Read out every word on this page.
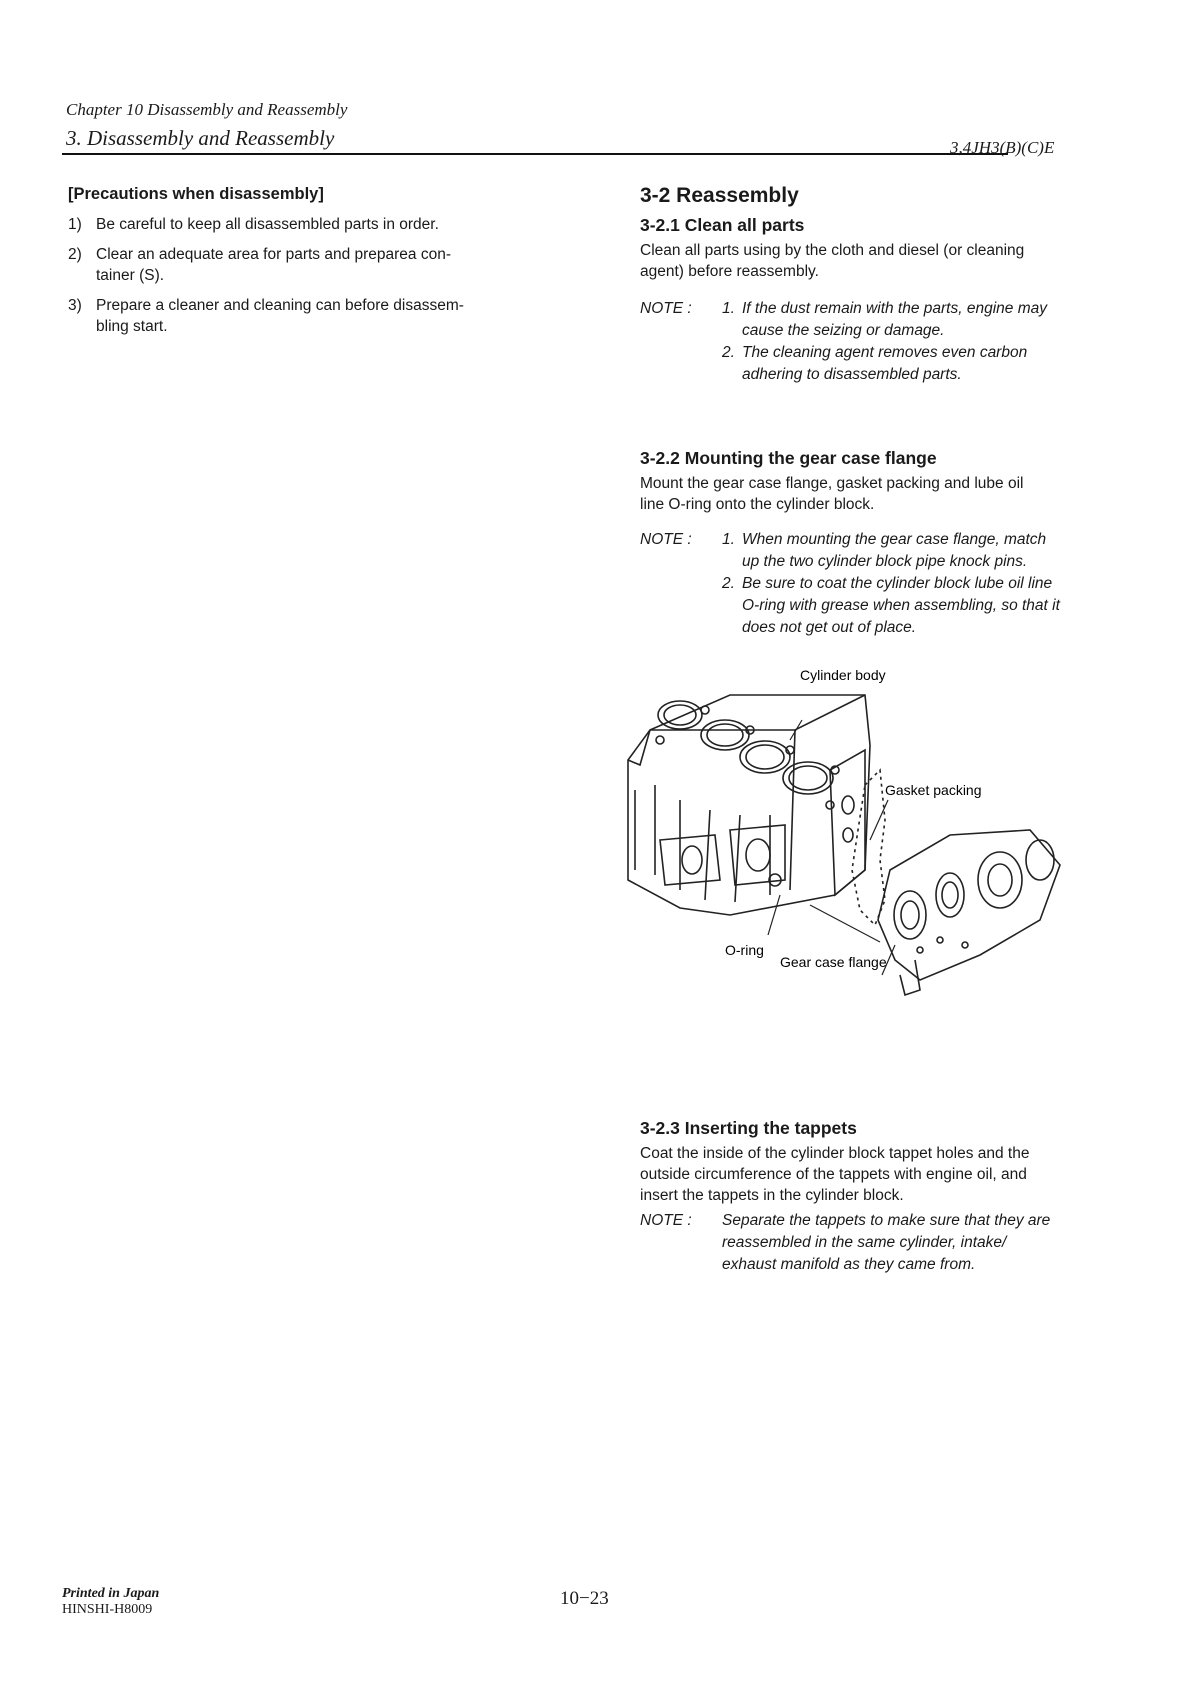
Chapter 10 Disassembly and Reassembly
3. Disassembly and Reassembly	3,4JH3(B)(C)E
[Precautions when disassembly]
1) Be careful to keep all disassembled parts in order.
2) Clear an adequate area for parts and preparea con-
tainer (S).
3) Prepare a cleaner and cleaning can before disassem-
bling start.
3-2 Reassembly
3-2.1 Clean all parts
Clean all parts using by the cloth and diesel (or cleaning
agent) before reassembly.
NOTE :	1. If the dust remain with the parts, engine may
cause the seizing or damage.
2. The cleaning agent removes even carbon
adhering to disassembled parts.
3-2.2 Mounting the gear case flange
Mount the gear case flange, gasket packing and lube oil
line O-ring onto the cylinder block.
NOTE :	1. When mounting the gear case flange, match
up the two cylinder block pipe knock pins.
2. Be sure to coat the cylinder block lube oil line
O-ring with grease when assembling, so that it
does not get out of place.
Cylinder body
Gasket packing
O-ring
Gear case flange
3-2.3 Inserting the tappets
Coat the inside of the cylinder block tappet holes and the
outside circumference of the tappets with engine oil, and
insert the tappets in the cylinder block.
NOTE :	Separate the tappets to make sure that they are
reassembled in the same cylinder, intake/
exhaust manifold as they came from.
Printed in Japan
HINSHI-H8009
10−23
